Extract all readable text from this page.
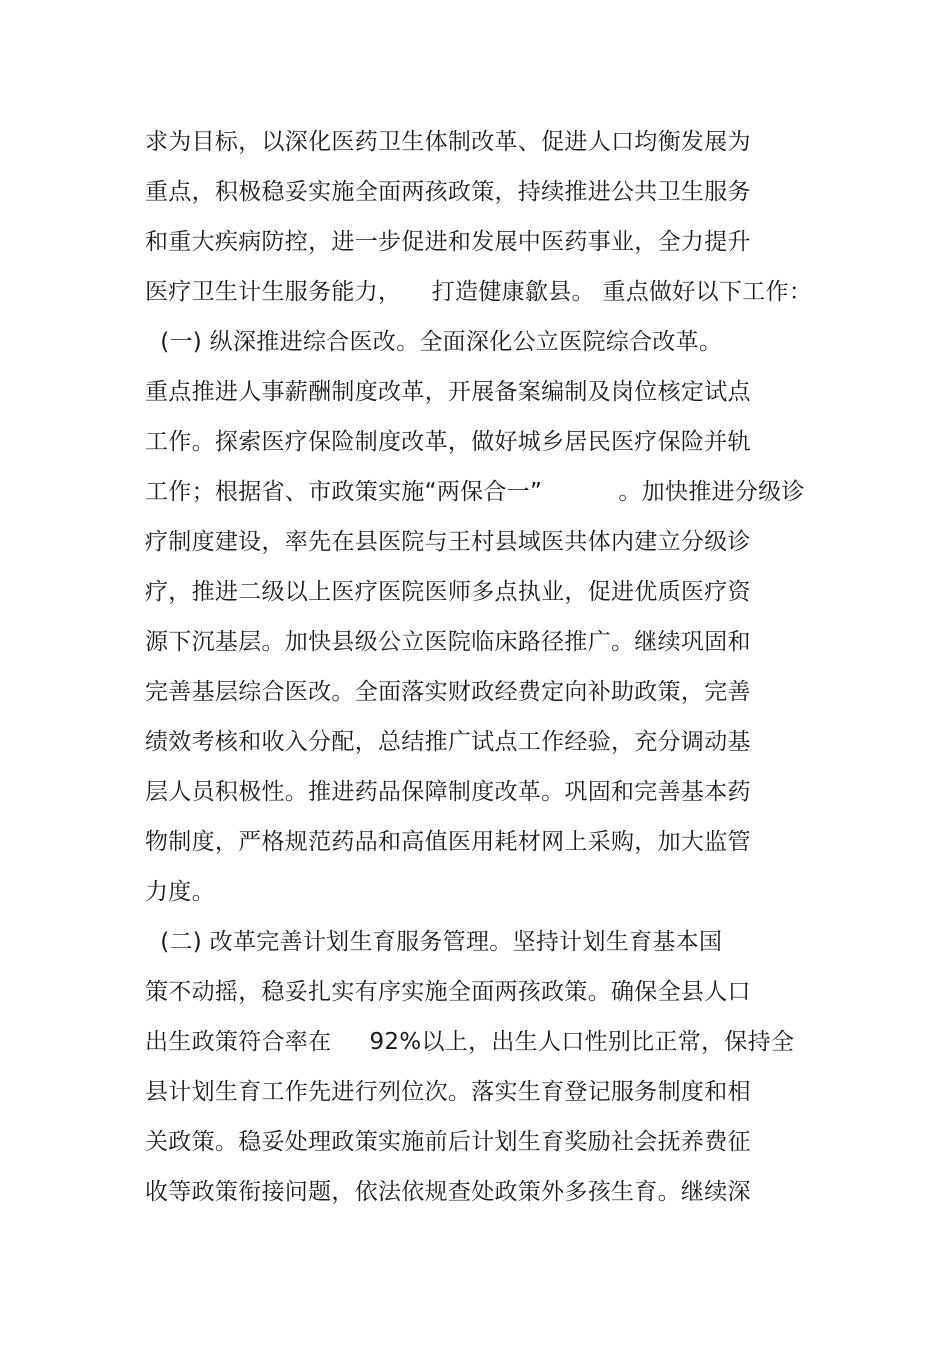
求为目标，以深化医药卫生体制改革、促进人口均衡发展为
重点，积极稳妥实施全面两孩政策，持续推进公共卫生服务
和重大疾病防控，进一步促进和发展中医药事业，全力提升
医疗卫生计生服务能力，    打造健康歙县。 重点做好以下工作：
(一) 纵深推进综合医改。全面深化公立医院综合改革。
重点推进人事薪酬制度改革，开展备案编制及岗位核定试点
工作。探索医疗保险制度改革，做好城乡居民医疗保险并轨
工作；根据省、市政策实施“两保合一”          。加快推进分级诊
疗制度建设，率先在县医院与王村县域医共体内建立分级诊
疗，推进二级以上医疗医院医师多点执业，促进优质医疗资
源下沉基层。加快县级公立医院临床路径推广。继续巩固和
完善基层综合医改。全面落实财政经费定向补助政策，完善
绩效考核和收入分配，总结推广试点工作经验，充分调动基
层人员积极性。推进药品保障制度改革。巩固和完善基本药
物制度，严格规范药品和高值医用耗材网上采购，加大监管
力度。
(二) 改革完善计划生育服务管理。坚持计划生育基本国
策不动摇，稳妥扎实有序实施全面两孩政策。确保全县人口
出生政策符合率在     92%以上，出生人口性别比正常，保持全
县计划生育工作先进行列位次。落实生育登记服务制度和相
关政策。稳妥处理政策实施前后计划生育奖励社会抚养费征
收等政策衔接问题，依法依规查处政策外多孩生育。继续深
